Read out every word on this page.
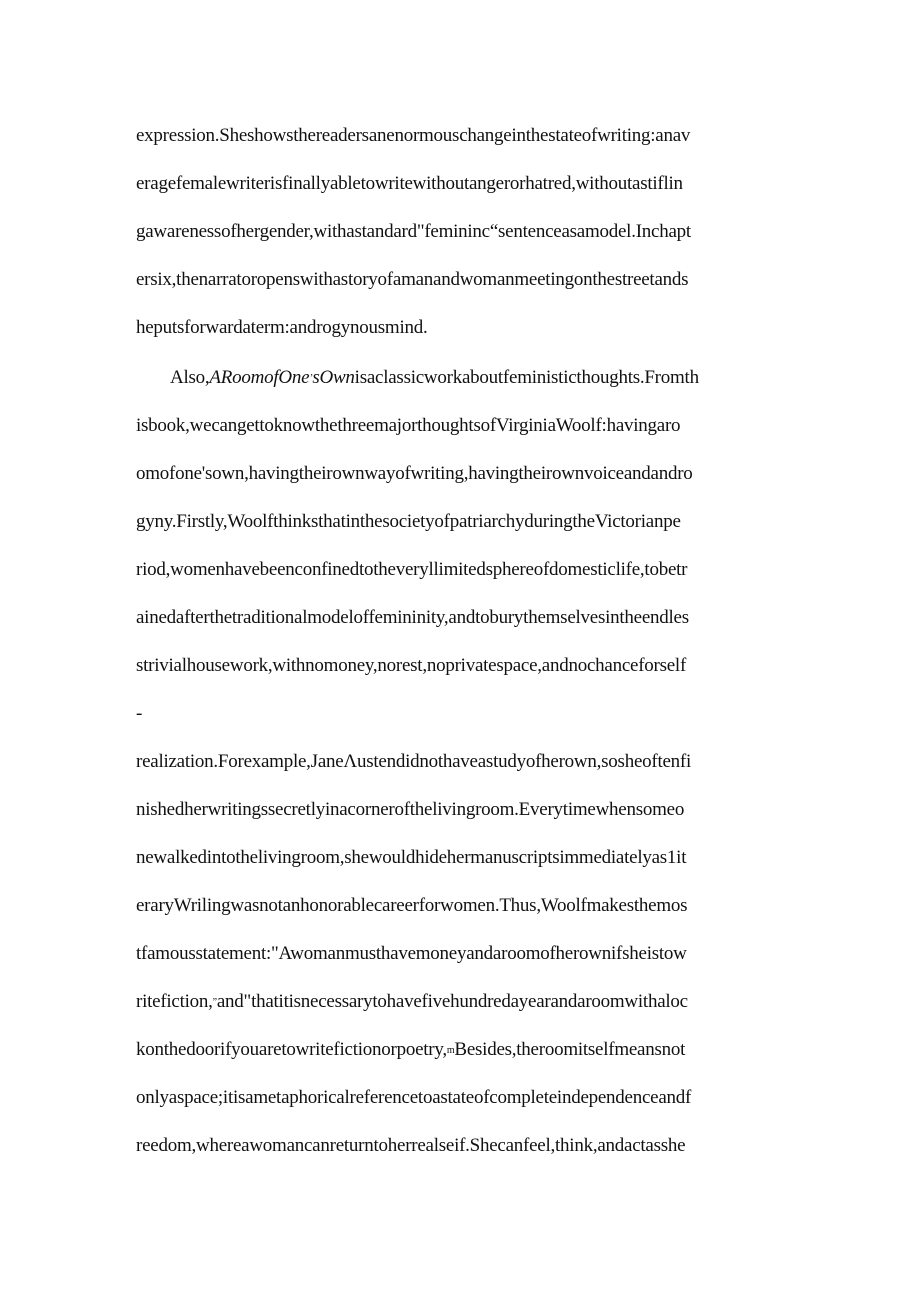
expression.Sheshowsthereadersanenormouschangeinthestateofwriting:anav
eragefemalewriterisfinallyabletowritewithoutangerorhatred,withoutastiflin
gawarenessofhergender,withastandard"femininc“sentenceasamodel.Inchapt
ersix,thenarratoropenswithastoryofamanandwomanmeetingonthestreetands
heputsforwardaterm:androgynousmind.
Also,ARoomofOne’sOwnisaclassicworkaboutfeministicthoughts.Fromth
isbook,wecangettoknowthethreemajorthoughtsofVirginiaWoolf:havingaro
omofone'sown,havingtheirownwayofwriting,havingtheirownvoiceandandro
gyny.Firstly,WoolfthinksthatinthesocietyofpatriarchyduringtheVictorianpe
riod,womenhavebeenconfinedtotheveryllimitedsphereofdomesticlife,tobetr
ainedafterthetraditionalmodeloffemininity,andtoburythemselvesintheendles
strivialhousework,withnomoney,norest,noprivatespace,andnochanceforself
-
realization.Forexample,JaneΛustendidnothaveastudyofherown,sosheoftenfi
nishedherwritingssecretlyinacorneroftheliving​room.Everytimewhensomeo
newalkedintothelivingroom,shewouldhidehermanuscriptsimmediatelyas1it
eraryWrilingwasnotanhonorablecareerforwomen.Thus,Woolfmakesthemos
tfamousstatement:"Awomanmusthavemoneyandaroomofherownifsheistow
ritefiction,”and"thatitisnecessarytohavefivehundredayearandaroomwithaloc
konthedoorifyouaretowritefictionorpoetry,mBesides,theroomitselfmeansnot
onlyaspace;itisametaphoricalreferencetoastateofcompleteindependenceandf
reedom,whereawomancanreturntoherrealseif.Shecanfeel,think,andactasshe
